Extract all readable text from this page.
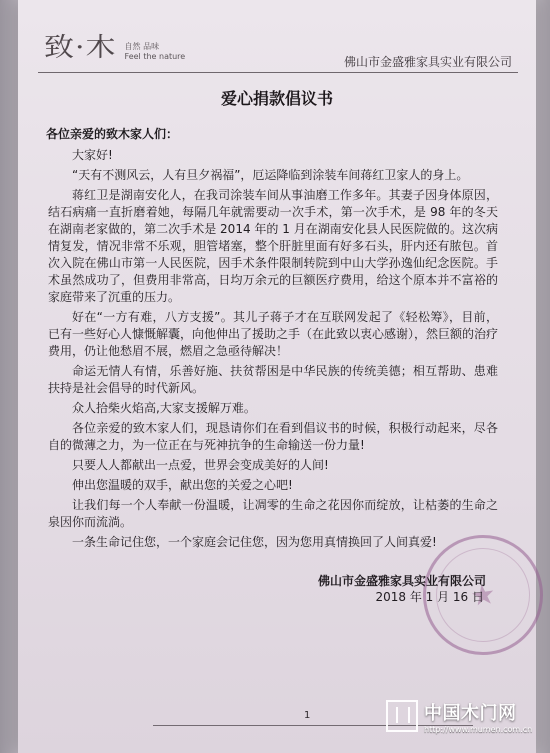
致·木 自然 品味
Feel the nature	佛山市金盛雅家具实业有限公司
爱心捐款倡议书
各位亲爱的致木家人们：

大家好!

“天有不测风云，人有旦夕祸福”，厄运降临到涂装车间蒋红卫家人的身上。

蒋红卫是湖南安化人，在我司涂装车间从事油磨工作多年。其妻子因身体原因，结石病痛一直折磨着她，每隔几年就需要动一次手术，第一次手术，是 98 年的冬天在湖南老家做的，第二次手术是 2014 年的 1 月在湖南安化县人民医院做的。这次病情复发，情况非常不乐观，胆管堵塞，整个肝脏里面有好多石头，肝内还有脓包。首次入院在佛山市第一人民医院，因手术条件限制转院到中山大学孙逸仙纪念医院。手术虽然成功了，但费用非常高，日均万余元的巨额医疗费用，给这个原本并不富裕的家庭带来了沉重的压力。

好在“一方有难，八方支援”。其儿子蒋子才在互联网发起了《轻松筹》，目前，已有一些好心人慷慨解囊，向他伸出了援助之手（在此致以衷心感谢），然巨额的治疗费用，仍让他愁眉不展，燃眉之急亟待解决！

命运无情人有情，乐善好施、扶贫帮困是中华民族的传统美德；相互帮助、患难扶持是社会倡导的时代新风。

众人拾柴火焰高,大家支援解万难。

各位亲爱的致木家人们，现恳请你们在看到倡议书的时候，积极行动起来，尽各自的微薄之力，为一位正在与死神抗争的生命输送一份力量!

只要人人都献出一点爱，世界会变成美好的人间!

伸出您温暖的双手，献出您的关爱之心吧!

让我们每一个人奉献一份温暖，让凋零的生命之花因你而绽放，让枯萎的生命之泉因你而流淌。

一条生命记住您，一个家庭会记住您，因为您用真情换回了人间真爱!

★
佛山市金盛雅家具实业有限公司
2018 年 1 月 16 日
1	中国木门网
http://www.mumen.com.cn
